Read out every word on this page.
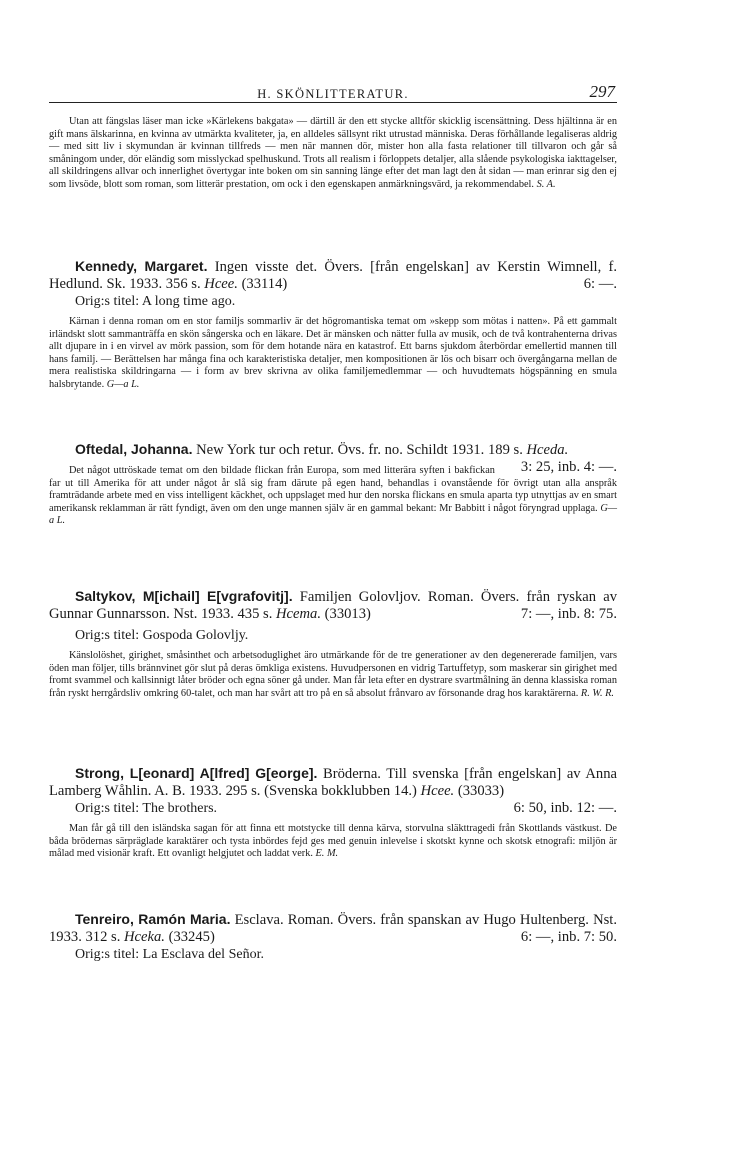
H. SKÖNLITTERATUR.	297

Utan att fängslas läser man icke »Kärlekens bakgata» — därtill är den ett stycke alltför skicklig iscensättning. Dess hjältinna är en gift mans älskarinna, en kvinna av utmärkta kvaliteter, ja, en alldeles sällsynt rikt utrustad människa. Deras förhållande legaliseras aldrig — med sitt liv i skymundan är kvinnan tillfreds — men när mannen dör, mister hon alla fasta relationer till tillvaron och går så småningom under, dör eländig som misslyckad spelhuskund. Trots all realism i förloppets detaljer, alla slående psykologiska iakttagelser, all skildringens allvar och innerlighet övertygar inte boken om sin sanning länge efter det man lagt den åt sidan — man erinrar sig den ej som livsöde, blott som roman, som litterär prestation, om ock i den egenskapen anmärkningsvärd, ja rekommendabel. S. A.

Kennedy, Margaret. Ingen visste det. Övers. [från engelskan] av Kerstin Wimnell, f. Hedlund. Sk. 1933. 356 s. Hcee. (33114)	6: —.

Orig:s titel: A long time ago.

Kärnan i denna roman om en stor familjs sommarliv är det högromantiska temat om »skepp som mötas i natten». På ett gammalt irländskt slott sammanträffa en skön sångerska och en läkare. Det är mänsken och nätter fulla av musik, och de två kontrahenterna drivas allt djupare in i en virvel av mörk passion, som för dem hotande nära en katastrof. Ett barns sjukdom återbördar emellertid mannen till hans familj. — Berättelsen har många fina och karakteristiska detaljer, men kompositionen är lös och bisarr och övergångarna mellan de mera realistiska skildringarna — i form av brev skrivna av olika familjemedlemmar — och huvudtemats högspänning en smula halsbrytande. G—a L.

Oftedal, Johanna. New York tur och retur. Övs. fr. no. Schildt 1931. 189 s. Hceda.
3: 25, inb. 4: —.

Det något uttröskade temat om den bildade flickan från Europa, som med litterära syften i bakfickan far ut till Amerika för att under något år slå sig fram därute på egen hand, behandlas i ovanstående för övrigt utan alla anspråk framträdande arbete med en viss intelligent käckhet, och uppslaget med hur den norska flickans en smula aparta typ utnyttjas av en smart amerikansk reklamman är rätt fyndigt, även om den unge mannen själv är en gammal bekant: Mr Babbitt i något föryngrad upplaga. G— a L.

Saltykov, M[ichail] E[vgrafovitj]. Familjen Golovljov. Roman. Övers. från ryskan av Gunnar Gunnarsson. Nst. 1933. 435 s. Hcema. (33013)	7: —, inb. 8: 75.

Orig:s titel: Gospoda Golovljy.

Känslolöshet, girighet, småsinthet och arbetsoduglighet äro utmärkande för de tre generationer av den degenererade familjen, vars öden man följer, tills brännvinet gör slut på deras ömkliga existens. Huvudpersonen en vidrig Tartuffetyp, som maskerar sin girighet med fromt svammel och kallsinnigt låter bröder och egna söner gå under. Man får leta efter en dystrare svartmålning än denna klassiska roman från ryskt herrgårdsliv omkring 60-talet, och man har svårt att tro på en så absolut frånvaro av försonande drag hos karaktärerna. R. W. R.

Strong, L[eonard] A[lfred] G[eorge]. Bröderna. Till svenska [från engelskan] av Anna Lamberg Wåhlin. A. B. 1933. 295 s. (Svenska bokklubben 14.) Hcee. (33033)
6: 50, inb. 12: —.

Orig:s titel: The brothers.

Man får gå till den isländska sagan för att finna ett motstycke till denna kärva, storvulna släkttragedi från Skottlands västkust. De båda brödernas särpräglade karaktärer och tysta inbördes fejd ges med genuin inlevelse i skotskt kynne och skotsk etnografi: miljön är målad med visionär kraft. Ett ovanligt helgjutet och laddat verk. E. M.

Tenreiro, Ramón Maria. Esclava. Roman. Övers. från spanskan av Hugo Hultenberg. Nst. 1933. 312 s. Hceka. (33245)	6: —, inb. 7: 50.

Orig:s titel: La Esclava del Señor.
